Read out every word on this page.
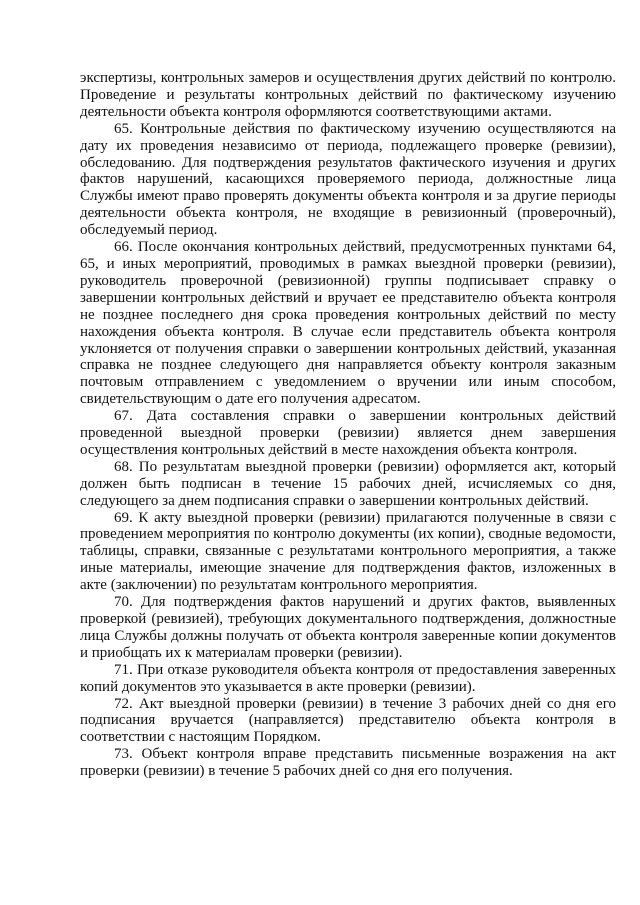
экспертизы, контрольных замеров и осуществления других действий по контролю. Проведение и результаты контрольных действий по фактическому изучению деятельности объекта контроля оформляются соответствующими актами.

65. Контрольные действия по фактическому изучению осуществляются на дату их проведения независимо от периода, подлежащего проверке (ревизии), обследованию. Для подтверждения результатов фактического изучения и других фактов нарушений, касающихся проверяемого периода, должностные лица Службы имеют право проверять документы объекта контроля и за другие периоды деятельности объекта контроля, не входящие в ревизионный (проверочный), обследуемый период.

66. После окончания контрольных действий, предусмотренных пунктами 64, 65, и иных мероприятий, проводимых в рамках выездной проверки (ревизии), руководитель проверочной (ревизионной) группы подписывает справку о завершении контрольных действий и вручает ее представителю объекта контроля не позднее последнего дня срока проведения контрольных действий по месту нахождения объекта контроля. В случае если представитель объекта контроля уклоняется от получения справки о завершении контрольных действий, указанная справка не позднее следующего дня направляется объекту контроля заказным почтовым отправлением с уведомлением о вручении или иным способом, свидетельствующим о дате его получения адресатом.

67. Дата составления справки о завершении контрольных действий проведенной выездной проверки (ревизии) является днем завершения осуществления контрольных действий в месте нахождения объекта контроля.

68. По результатам выездной проверки (ревизии) оформляется акт, который должен быть подписан в течение 15 рабочих дней, исчисляемых со дня, следующего за днем подписания справки о завершении контрольных действий.

69. К акту выездной проверки (ревизии) прилагаются полученные в связи с проведением мероприятия по контролю документы (их копии), сводные ведомости, таблицы, справки, связанные с результатами контрольного мероприятия, а также иные материалы, имеющие значение для подтверждения фактов, изложенных в акте (заключении) по результатам контрольного мероприятия.

70. Для подтверждения фактов нарушений и других фактов, выявленных проверкой (ревизией), требующих документального подтверждения, должностные лица Службы должны получать от объекта контроля заверенные копии документов и приобщать их к материалам проверки (ревизии).

71. При отказе руководителя объекта контроля от предоставления заверенных копий документов это указывается в акте проверки (ревизии).

72. Акт выездной проверки (ревизии) в течение 3 рабочих дней со дня его подписания вручается (направляется) представителю объекта контроля в соответствии с настоящим Порядком.

73. Объект контроля вправе представить письменные возражения на акт проверки (ревизии) в течение 5 рабочих дней со дня его получения.
